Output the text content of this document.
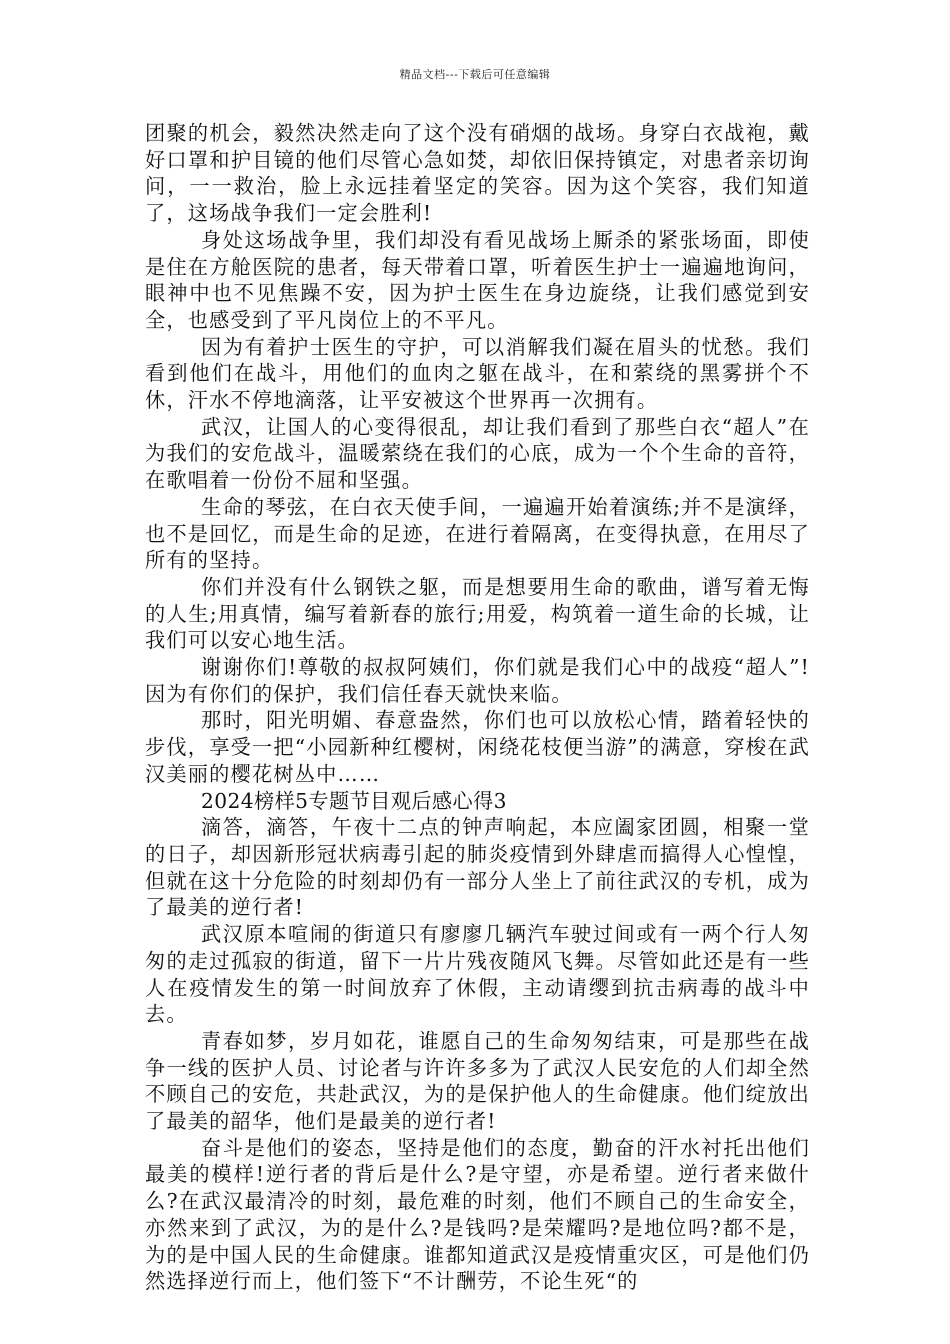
精品文档---下载后可任意编辑

团聚的机会，毅然决然走向了这个没有硝烟的战场。身穿白衣战袍，戴好口罩和护目镜的他们尽管心急如焚，却依旧保持镇定，对患者亲切询问，一一救治，脸上永远挂着坚定的笑容。因为这个笑容，我们知道了，这场战争我们一定会胜利!

身处这场战争里，我们却没有看见战场上厮杀的紧张场面，即使是住在方舱医院的患者，每天带着口罩，听着医生护士一遍遍地询问，眼神中也不见焦躁不安，因为护士医生在身边旋绕，让我们感觉到安全，也感受到了平凡岗位上的不平凡。

因为有着护士医生的守护，可以消解我们凝在眉头的忧愁。我们看到他们在战斗，用他们的血肉之躯在战斗，在和萦绕的黑雾拼个不休，汗水不停地滴落，让平安被这个世界再一次拥有。

武汉，让国人的心变得很乱，却让我们看到了那些白衣“超人”在为我们的安危战斗，温暖萦绕在我们的心底，成为一个个生命的音符，在歌唱着一份份不屈和坚强。

生命的琴弦，在白衣天使手间，一遍遍开始着演练;并不是演绎，也不是回忆，而是生命的足迹，在进行着隔离，在变得执意，在用尽了所有的坚持。

你们并没有什么钢铁之躯，而是想要用生命的歌曲，谱写着无悔的人生;用真情，编写着新春的旅行;用爱，构筑着一道生命的长城，让我们可以安心地生活。

谢谢你们!尊敬的叔叔阿姨们，你们就是我们心中的战疫“超人”!因为有你们的保护，我们信任春天就快来临。

那时，阳光明媚、春意盎然，你们也可以放松心情，踏着轻快的步伐，享受一把“小园新种红樱树，闲绕花枝便当游”的满意，穿梭在武汉美丽的樱花树丛中……

2024榜样5专题节目观后感心得3

滴答，滴答，午夜十二点的钟声响起，本应阖家团圆，相聚一堂的日子，却因新形冠状病毒引起的肺炎疫情到外肆虐而搞得人心惶惶，但就在这十分危险的时刻却仍有一部分人坐上了前往武汉的专机，成为了最美的逆行者!

武汉原本喧闹的街道只有廖廖几辆汽车驶过间或有一两个行人匆匆的走过孤寂的街道，留下一片片残夜随风飞舞。尽管如此还是有一些人在疫情发生的第一时间放弃了休假，主动请缨到抗击病毒的战斗中去。

青春如梦，岁月如花，谁愿自己的生命匆匆结束，可是那些在战争一线的医护人员、讨论者与许许多多为了武汉人民安危的人们却全然不顾自己的安危，共赴武汉，为的是保护他人的生命健康。他们绽放出了最美的韶华，他们是最美的逆行者!

奋斗是他们的姿态，坚持是他们的态度，勤奋的汗水衬托出他们最美的模样!逆行者的背后是什么?是守望，亦是希望。逆行者来做什么?在武汉最清冷的时刻，最危难的时刻，他们不顾自己的生命安全，亦然来到了武汉，为的是什么?是钱吗?是荣耀吗?是地位吗?都不是，为的是中国人民的生命健康。谁都知道武汉是疫情重灾区，可是他们仍然选择逆行而上，他们签下“不计酬劳，不论生死“的
